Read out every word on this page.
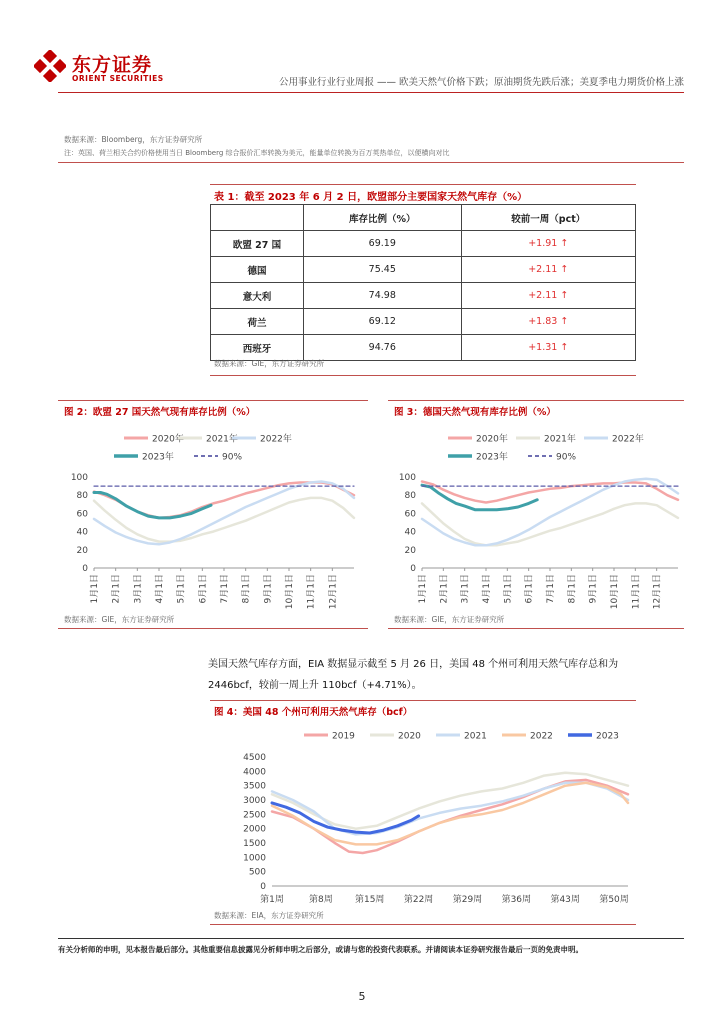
东方证券
ORIENT SECURITIES	公用事业行业行业周报 —— 欧美天然气价格下跌；原油期货先跌后涨；美夏季电力期货价格上涨
数据来源：Bloomberg，东方证券研究所
注：英国、荷兰相关合约价格使用当日 Bloomberg 综合报价汇率转换为美元，能量单位转换为百万英热单位，以便横向对比
表 1：截至 2023 年 6 月 2 日，欧盟部分主要国家天然气库存（%）
	库存比例（%）	较前一周（pct）
欧盟 27 国	69.19	+1.91 ↑
德国	75.45	+2.11 ↑
意大利	74.98	+2.11 ↑
荷兰	69.12	+1.83 ↑
西班牙	94.76	+1.31 ↑
数据来源：GIE，东方证券研究所
图 2：欧盟 27 国天然气现有库存比例（%）
2020年 2021年 2022年
2023年	90%
0
20
40
60
80
100
1月1日 2月1日 3月1日 4月1日 5月1日 6月1日 7月1日 8月1日 9月1日 10月1日 11月1日 12月1日
数据来源：GIE，东方证券研究所
图 3：德国天然气现有库存比例（%）
2020年	2021年	2022年
2023年	90%
0
20
40
60
80
100
1月1日 2月1日 3月1日 4月1日 5月1日 6月1日 7月1日 8月1日 9月1日 10月1日 11月1日 12月1日
数据来源：GIE，东方证券研究所
美国天然气库存方面，EIA 数据显示截至 5 月 26 日，美国 48 个州可利用天然气库存总和为
2446bcf，较前一周上升 110bcf（+4.71%）。
图 4：美国 48 个州可利用天然气库存（bcf）
2019	2020	2021	2022	2023
0
500
1000
1500
2000
2500
3000
3500
4000
4500
第1周	第8周 第15周 第22周 第29周 第36周 第43周 第50周
数据来源：EIA，东方证券研究所
有关分析师的申明，见本报告最后部分。其他重要信息披露见分析师申明之后部分，或请与您的投资代表联系。并请阅读本证券研究报告最后一页的免责申明。
5
